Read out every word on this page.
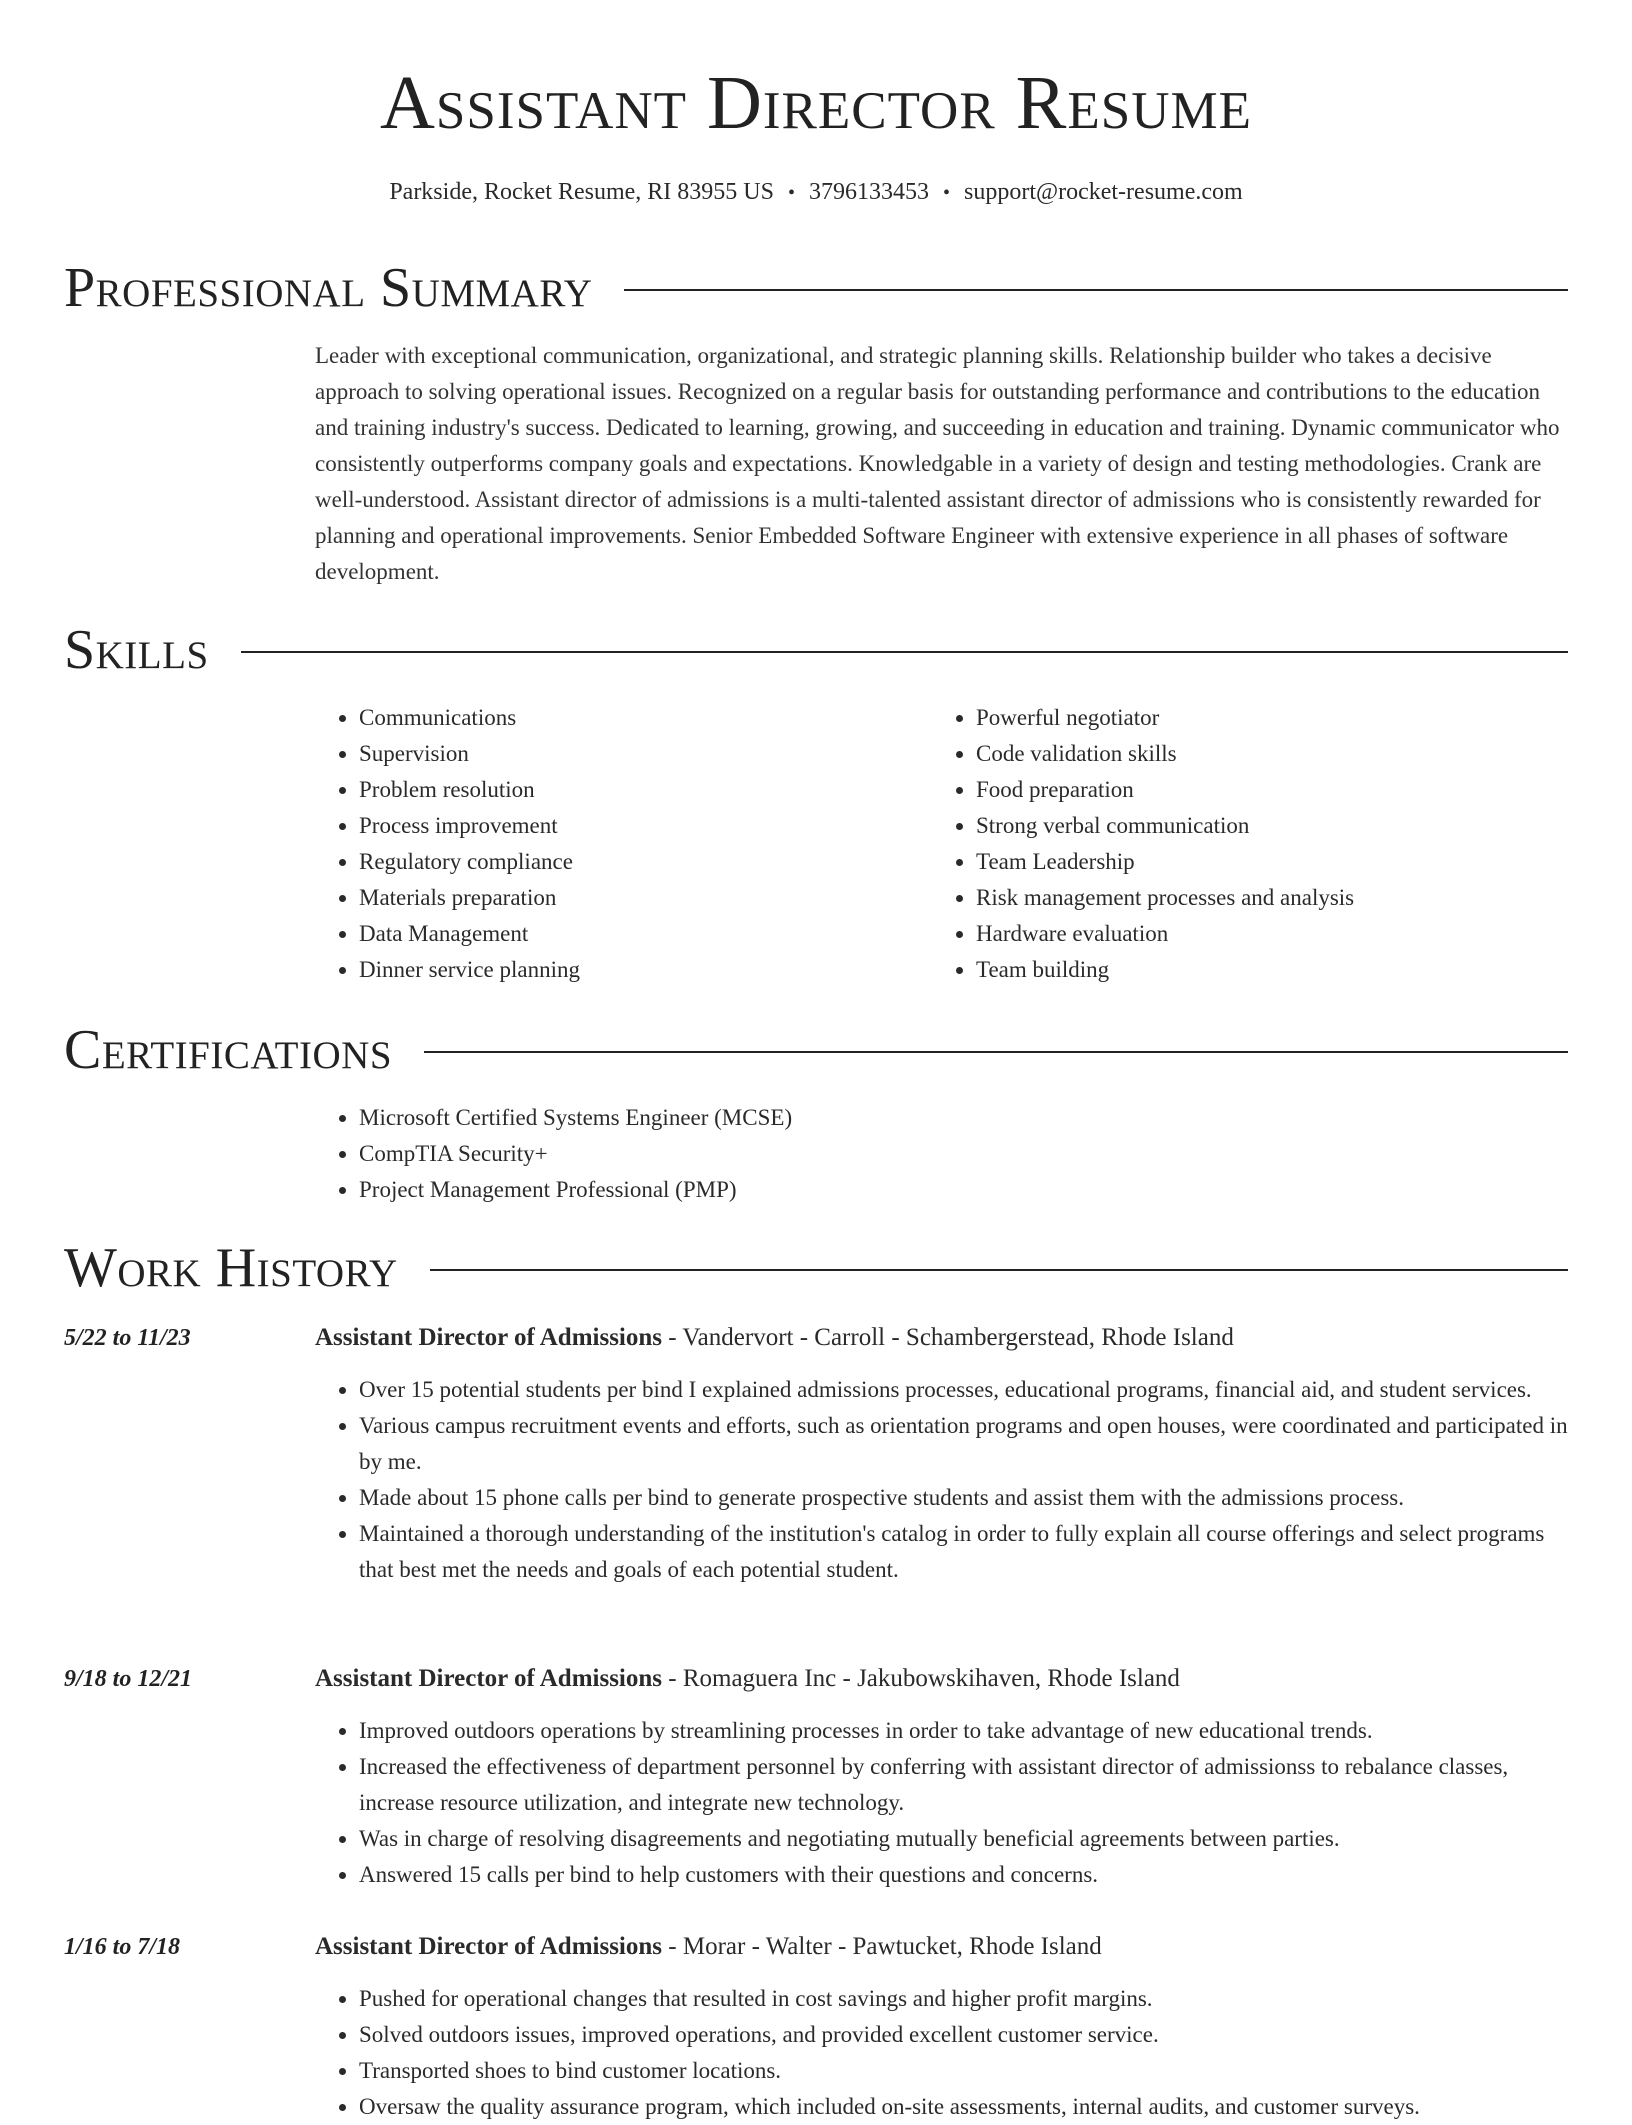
Assistant Director Resume
Parkside, Rocket Resume, RI 83955 US • 3796133453 • support@rocket-resume.com
Professional Summary

Leader with exceptional communication, organizational, and strategic planning skills. Relationship builder who takes a decisive approach to solving operational issues. Recognized on a regular basis for outstanding performance and contributions to the education and training industry's success. Dedicated to learning, growing, and succeeding in education and training. Dynamic communicator who consistently outperforms company goals and expectations. Knowledgable in a variety of design and testing methodologies. Crank are well-understood. Assistant director of admissions is a multi-talented assistant director of admissions who is consistently rewarded for planning and operational improvements. Senior Embedded Software Engineer with extensive experience in all phases of software development.

Skills
• Communications
• Supervision
• Problem resolution
• Process improvement
• Regulatory compliance
• Materials preparation
• Data Management
• Dinner service planning
• Powerful negotiator
• Code validation skills
• Food preparation
• Strong verbal communication
• Team Leadership
• Risk management processes and analysis
• Hardware evaluation
• Team building
Certifications
• Microsoft Certified Systems Engineer (MCSE)
• CompTIA Security+
• Project Management Professional (PMP)
Work History
5/22 to 11/23	Assistant Director of Admissions - Vandervort - Carroll - Schambergerstead, Rhode Island
• Over 15 potential students per bind I explained admissions processes, educational programs, financial aid, and student services.
• Various campus recruitment events and efforts, such as orientation programs and open houses, were coordinated and participated in by me.
• Made about 15 phone calls per bind to generate prospective students and assist them with the admissions process.
• Maintained a thorough understanding of the institution's catalog in order to fully explain all course offerings and select programs that best met the needs and goals of each potential student.
9/18 to 12/21	Assistant Director of Admissions - Romaguera Inc - Jakubowskihaven, Rhode Island
• Improved outdoors operations by streamlining processes in order to take advantage of new educational trends.
• Increased the effectiveness of department personnel by conferring with assistant director of admissionss to rebalance classes, increase resource utilization, and integrate new technology.
• Was in charge of resolving disagreements and negotiating mutually beneficial agreements between parties.
• Answered 15 calls per bind to help customers with their questions and concerns.
1/16 to 7/18	Assistant Director of Admissions - Morar - Walter - Pawtucket, Rhode Island
• Pushed for operational changes that resulted in cost savings and higher profit margins.
• Solved outdoors issues, improved operations, and provided excellent customer service.
• Transported shoes to bind customer locations.
• Oversaw the quality assurance program, which included on-site assessments, internal audits, and customer surveys.
